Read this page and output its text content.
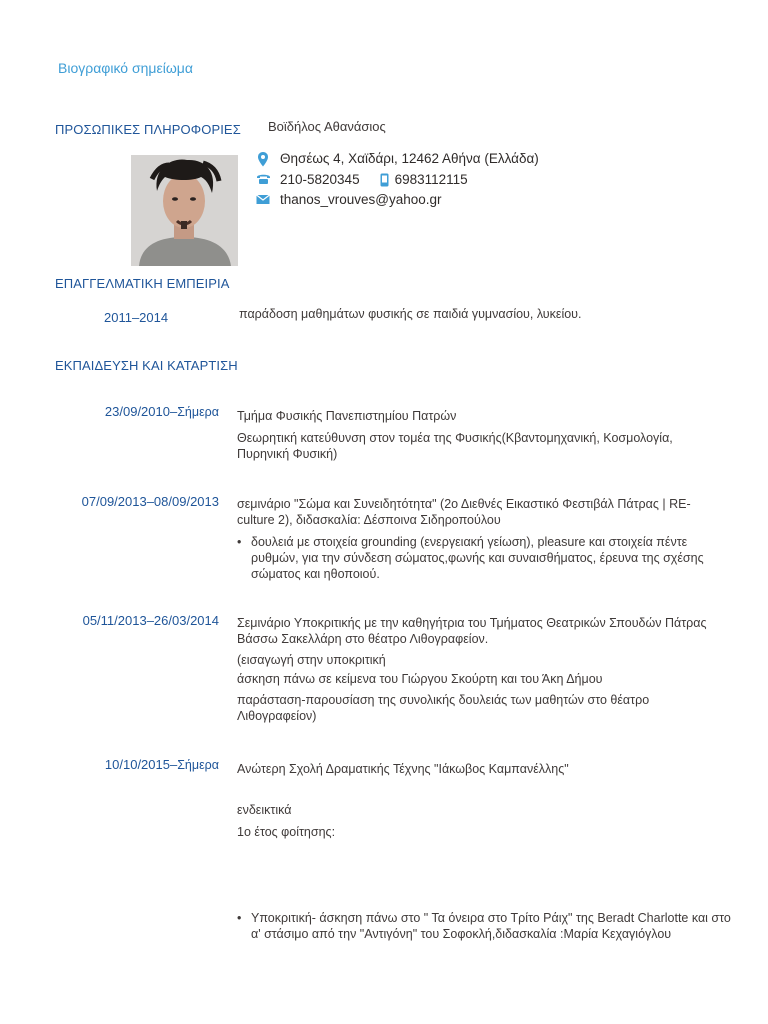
Βιογραφικό σημείωμα
ΠΡΟΣΩΠΙΚΕΣ ΠΛΗΡΟΦΟΡΙΕΣ Βοϊδήλος Αθανάσιος
Θησέως 4, Χαϊδάρι, 12462 Αθήνα (Ελλάδα)
210-5820345	6983112115
thanos_vrouves@yahoo.gr
ΕΠΑΓΓΕΛΜΑΤΙΚΗ ΕΜΠΕΙΡΙΑ
2011–2014	παράδοση μαθημάτων φυσικής σε παιδιά γυμνασίου, λυκείου.
ΕΚΠΑΙΔΕΥΣΗ ΚΑΙ ΚΑΤΑΡΤΙΣΗ
23/09/2010–Σήμερα Τμήμα Φυσικής Πανεπιστημίου Πατρών
Θεωρητική κατεύθυνση στον τομέα της Φυσικής(Κβαντομηχανική, Κοσμολογία, Πυρηνική Φυσική)
07/09/2013–08/09/2013 σεμινάριο "Σώμα και Συνειδητότητα" (2ο Διεθνές Εικαστικό Φεστιβάλ Πάτρας | RE-culture 2), διδασκαλία: Δέσποινα Σιδηροπούλου
• δουλειά με στοιχεία grounding (ενεργειακή γείωση), pleasure και στοιχεία πέντε ρυθμών, για την σύνδεση σώματος,φωνής και συναισθήματος, έρευνα της σχέσης σώματος και ηθοποιού.
05/11/2013–26/03/2014 Σεμινάριο Υποκριτικής με την καθηγήτρια του Τμήματος Θεατρικών Σπουδών Πάτρας Βάσσω Σακελλάρη στο θέατρο Λιθογραφείον.
(εισαγωγή στην υποκριτική
άσκηση πάνω σε κείμενα του Γιώργου Σκούρτη και του Άκη Δήμου
παράσταση-παρουσίαση της συνολικής δουλειάς των μαθητών στο θέατρο Λιθογραφείον)
10/10/2015–Σήμερα Ανώτερη Σχολή Δραματικής Τέχνης "Ιάκωβος Καμπανέλλης"
ενδεικτικά
1ο έτος φοίτησης:
• Υποκριτική- άσκηση πάνω στο " Τα όνειρα στο Τρίτο Ράιχ" της Beradt Charlotte και στο α' στάσιμο από την "Αντιγόνη" του Σοφοκλή,διδασκαλία :Μαρία Κεχαγιόγλου
